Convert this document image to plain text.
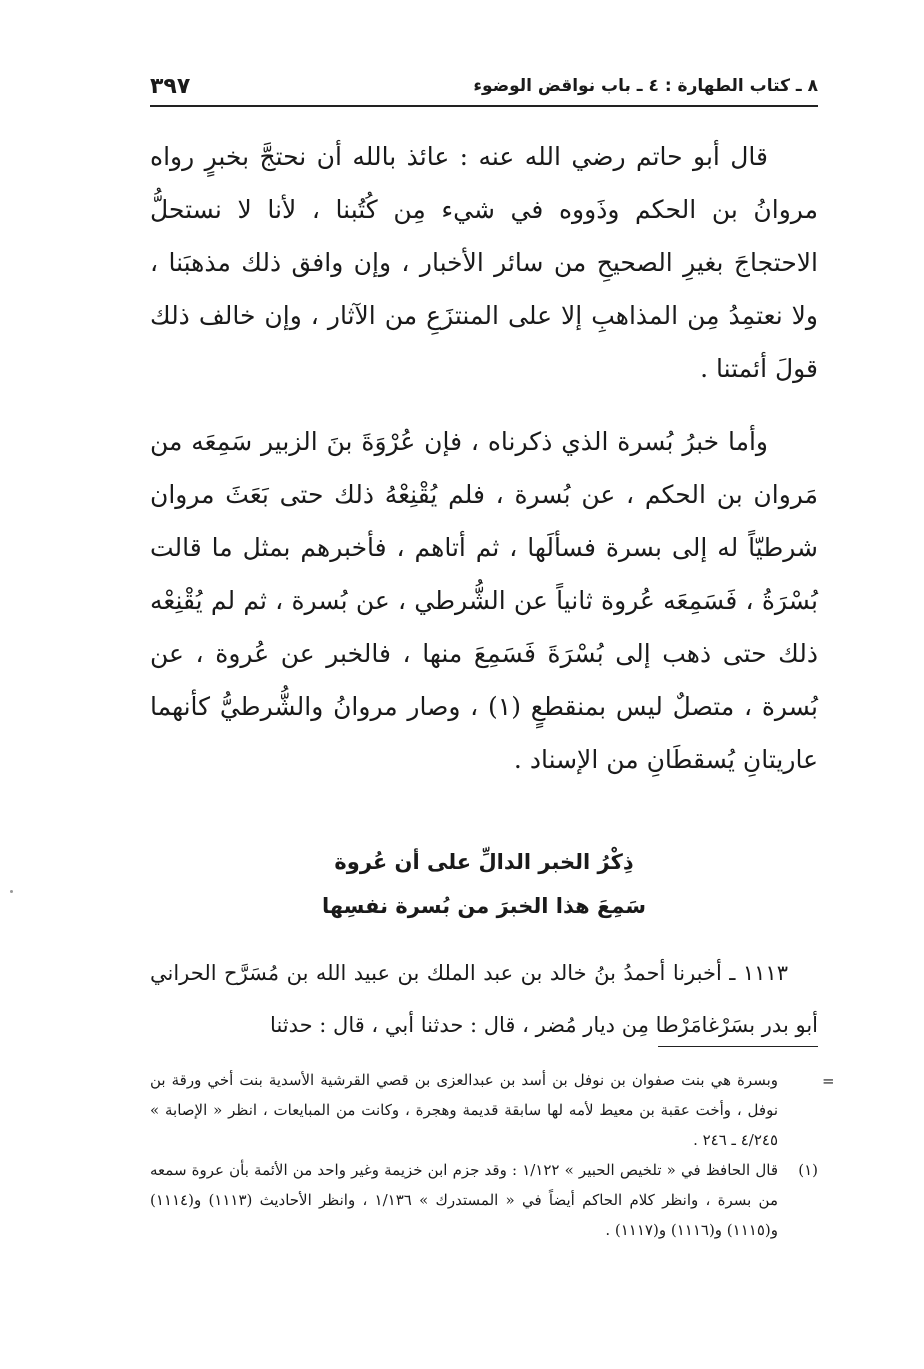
٨ ـ كتاب الطهارة : ٤ ـ باب نواقض الوضوء
٣٩٧

قال أبو حاتم رضي الله عنه : عائذ بالله أن نحتجَّ بخبرٍ رواه مروانُ بن الحكم وذَووه في شيء مِن كُتُبنا ، لأنا لا نستحلُّ الاحتجاجَ بغيرِ الصحيحِ من سائر الأخبار ، وإن وافق ذلك مذهبَنا ، ولا نعتمِدُ مِن المذاهبِ إلا على المنتزَعِ من الآثار ، وإن خالف ذلك قولَ أئمتنا .

وأما خبرُ بُسرة الذي ذكرناه ، فإن عُرْوَةَ بنَ الزبير سَمِعَه من مَروان بن الحكم ، عن بُسرة ، فلم يُقْنِعْهُ ذلك حتى بَعَثَ مروان شرطيّاً له إلى بسرة فسألَها ، ثم أتاهم ، فأخبرهم بمثل ما قالت بُسْرَةُ ، فَسَمِعَه عُروة ثانياً عن الشُّرطي ، عن بُسرة ، ثم لم يُقْنِعْه ذلك حتى ذهب إلى بُسْرَةَ فَسَمِعَ منها ، فالخبر عن عُروة ، عن بُسرة ، متصلٌ ليس بمنقطعٍ (١) ، وصار مروانُ والشُّرطيُّ كأنهما عاريتانِ يُسقطَانِ من الإسناد .

ذِكْرُ الخبر الدالِّ على أن عُروة
سَمِعَ هذا الخبرَ من بُسرة نفسِها

١١١٣ ـ أخبرنا أحمدُ بنُ خالد بن عبد الملك بن عبيد الله بن مُسَرَّح الحراني أبو بدر بسَرْغامَرْطا مِن ديار مُضر ، قال : حدثنا أبي ، قال : حدثنا

وبسرة هي بنت صفوان بن نوفل بن أسد بن عبدالعزى بن قصي القرشية الأسدية بنت أخي ورقة بن نوفل ، وأخت عقبة بن معيط لأمه لها سابقة قديمة وهجرة ، وكانت من المبايعات ، انظر « الإصابة » ٤/٢٤٥ ـ ٢٤٦ .

(١)
قال الحافظ في « تلخيص الحبير » ١/١٢٢ : وقد جزم ابن خزيمة وغير واحد من الأئمة بأن عروة سمعه من بسرة ، وانظر كلام الحاكم أيضاً في « المستدرك » ١/١٣٦ ، وانظر الأحاديث (١١١٣) و(١١١٤) و(١١١٥) و(١١١٦) و(١١١٧) .

=
